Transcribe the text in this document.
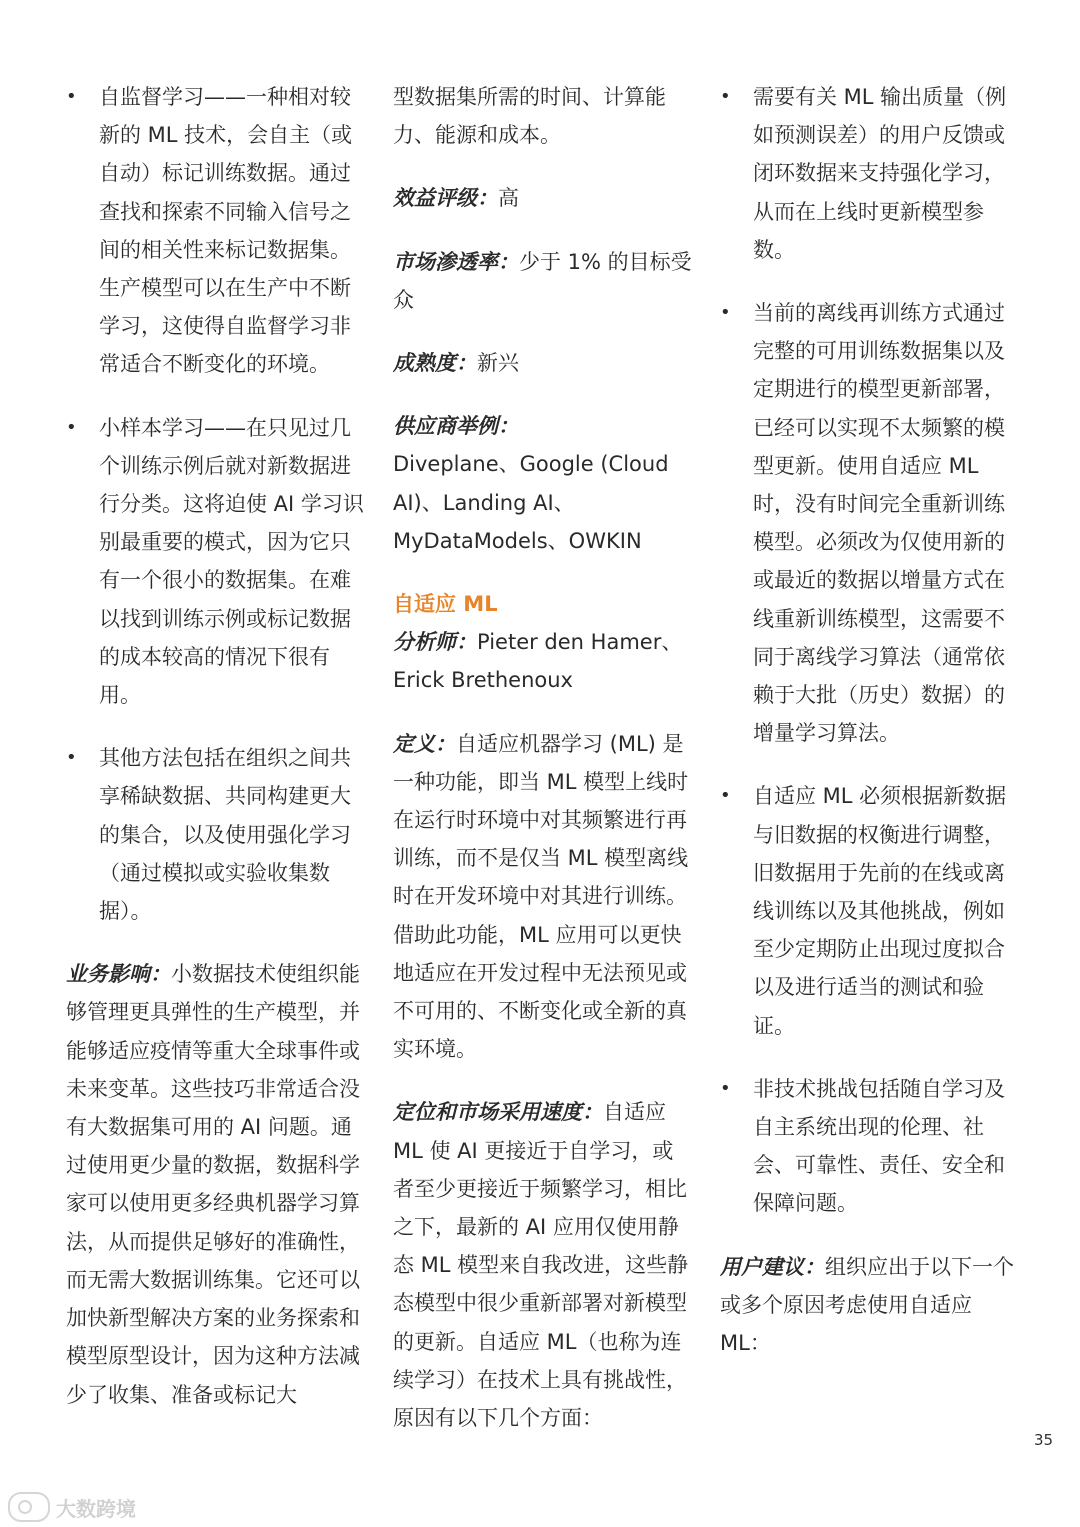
• 自监督学习——一种相对较新的 ML 技术，会自主（或自动）标记训练数据。通过查找和探索不同输入信号之间的相关性来标记数据集。生产模型可以在生产中不断学习，这使得自监督学习非常适合不断变化的环境。
• 小样本学习——在只见过几个训练示例后就对新数据进行分类。这将迫使 AI 学习识别最重要的模式，因为它只有一个很小的数据集。在难以找到训练示例或标记数据的成本较高的情况下很有用。
• 其他方法包括在组织之间共享稀缺数据、共同构建更大的集合，以及使用强化学习（通过模拟或实验收集数据）。

业务影响：小数据技术使组织能够管理更具弹性的生产模型，并能够适应疫情等重大全球事件或未来变革。这些技巧非常适合没有大数据集可用的 AI 问题。通过使用更少量的数据，数据科学家可以使用更多经典机器学习算法，从而提供足够好的准确性，而无需大数据训练集。它还可以加快新型解决方案的业务探索和模型原型设计，因为这种方法减少了收集、准备或标记大

型数据集所需的时间、计算能力、能源和成本。

效益评级：高

市场渗透率：少于 1% 的目标受众

成熟度：新兴

供应商举例：
Diveplane、Google (Cloud AI)、Landing AI、MyDataModels、OWKIN

自适应 ML

分析师：Pieter den Hamer、Erick Brethenoux

定义：自适应机器学习 (ML) 是一种功能，即当 ML 模型上线时在运行时环境中对其频繁进行再训练，而不是仅当 ML 模型离线时在开发环境中对其进行训练。借助此功能，ML 应用可以更快地适应在开发过程中无法预见或不可用的、不断变化或全新的真实环境。

定位和市场采用速度：自适应 ML 使 AI 更接近于自学习，或者至少更接近于频繁学习，相比之下，最新的 AI 应用仅使用静态 ML 模型来自我改进，这些静态模型中很少重新部署对新模型的更新。自适应 ML（也称为连续学习）在技术上具有挑战性，原因有以下几个方面：

• 需要有关 ML 输出质量（例如预测误差）的用户反馈或闭环数据来支持强化学习，从而在上线时更新模型参数。
• 当前的离线再训练方式通过完整的可用训练数据集以及定期进行的模型更新部署，已经可以实现不太频繁的模型更新。使用自适应 ML 时，没有时间完全重新训练模型。必须改为仅使用新的或最近的数据以增量方式在线重新训练模型，这需要不同于离线学习算法（通常依赖于大批（历史）数据）的增量学习算法。
• 自适应 ML 必须根据新数据与旧数据的权衡进行调整，旧数据用于先前的在线或离线训练以及其他挑战，例如至少定期防止出现过度拟合以及进行适当的测试和验证。
• 非技术挑战包括随自学习及自主系统出现的伦理、社会、可靠性、责任、安全和保障问题。

用户建议：组织应出于以下一个或多个原因考虑使用自适应 ML：

35
大数跨境
